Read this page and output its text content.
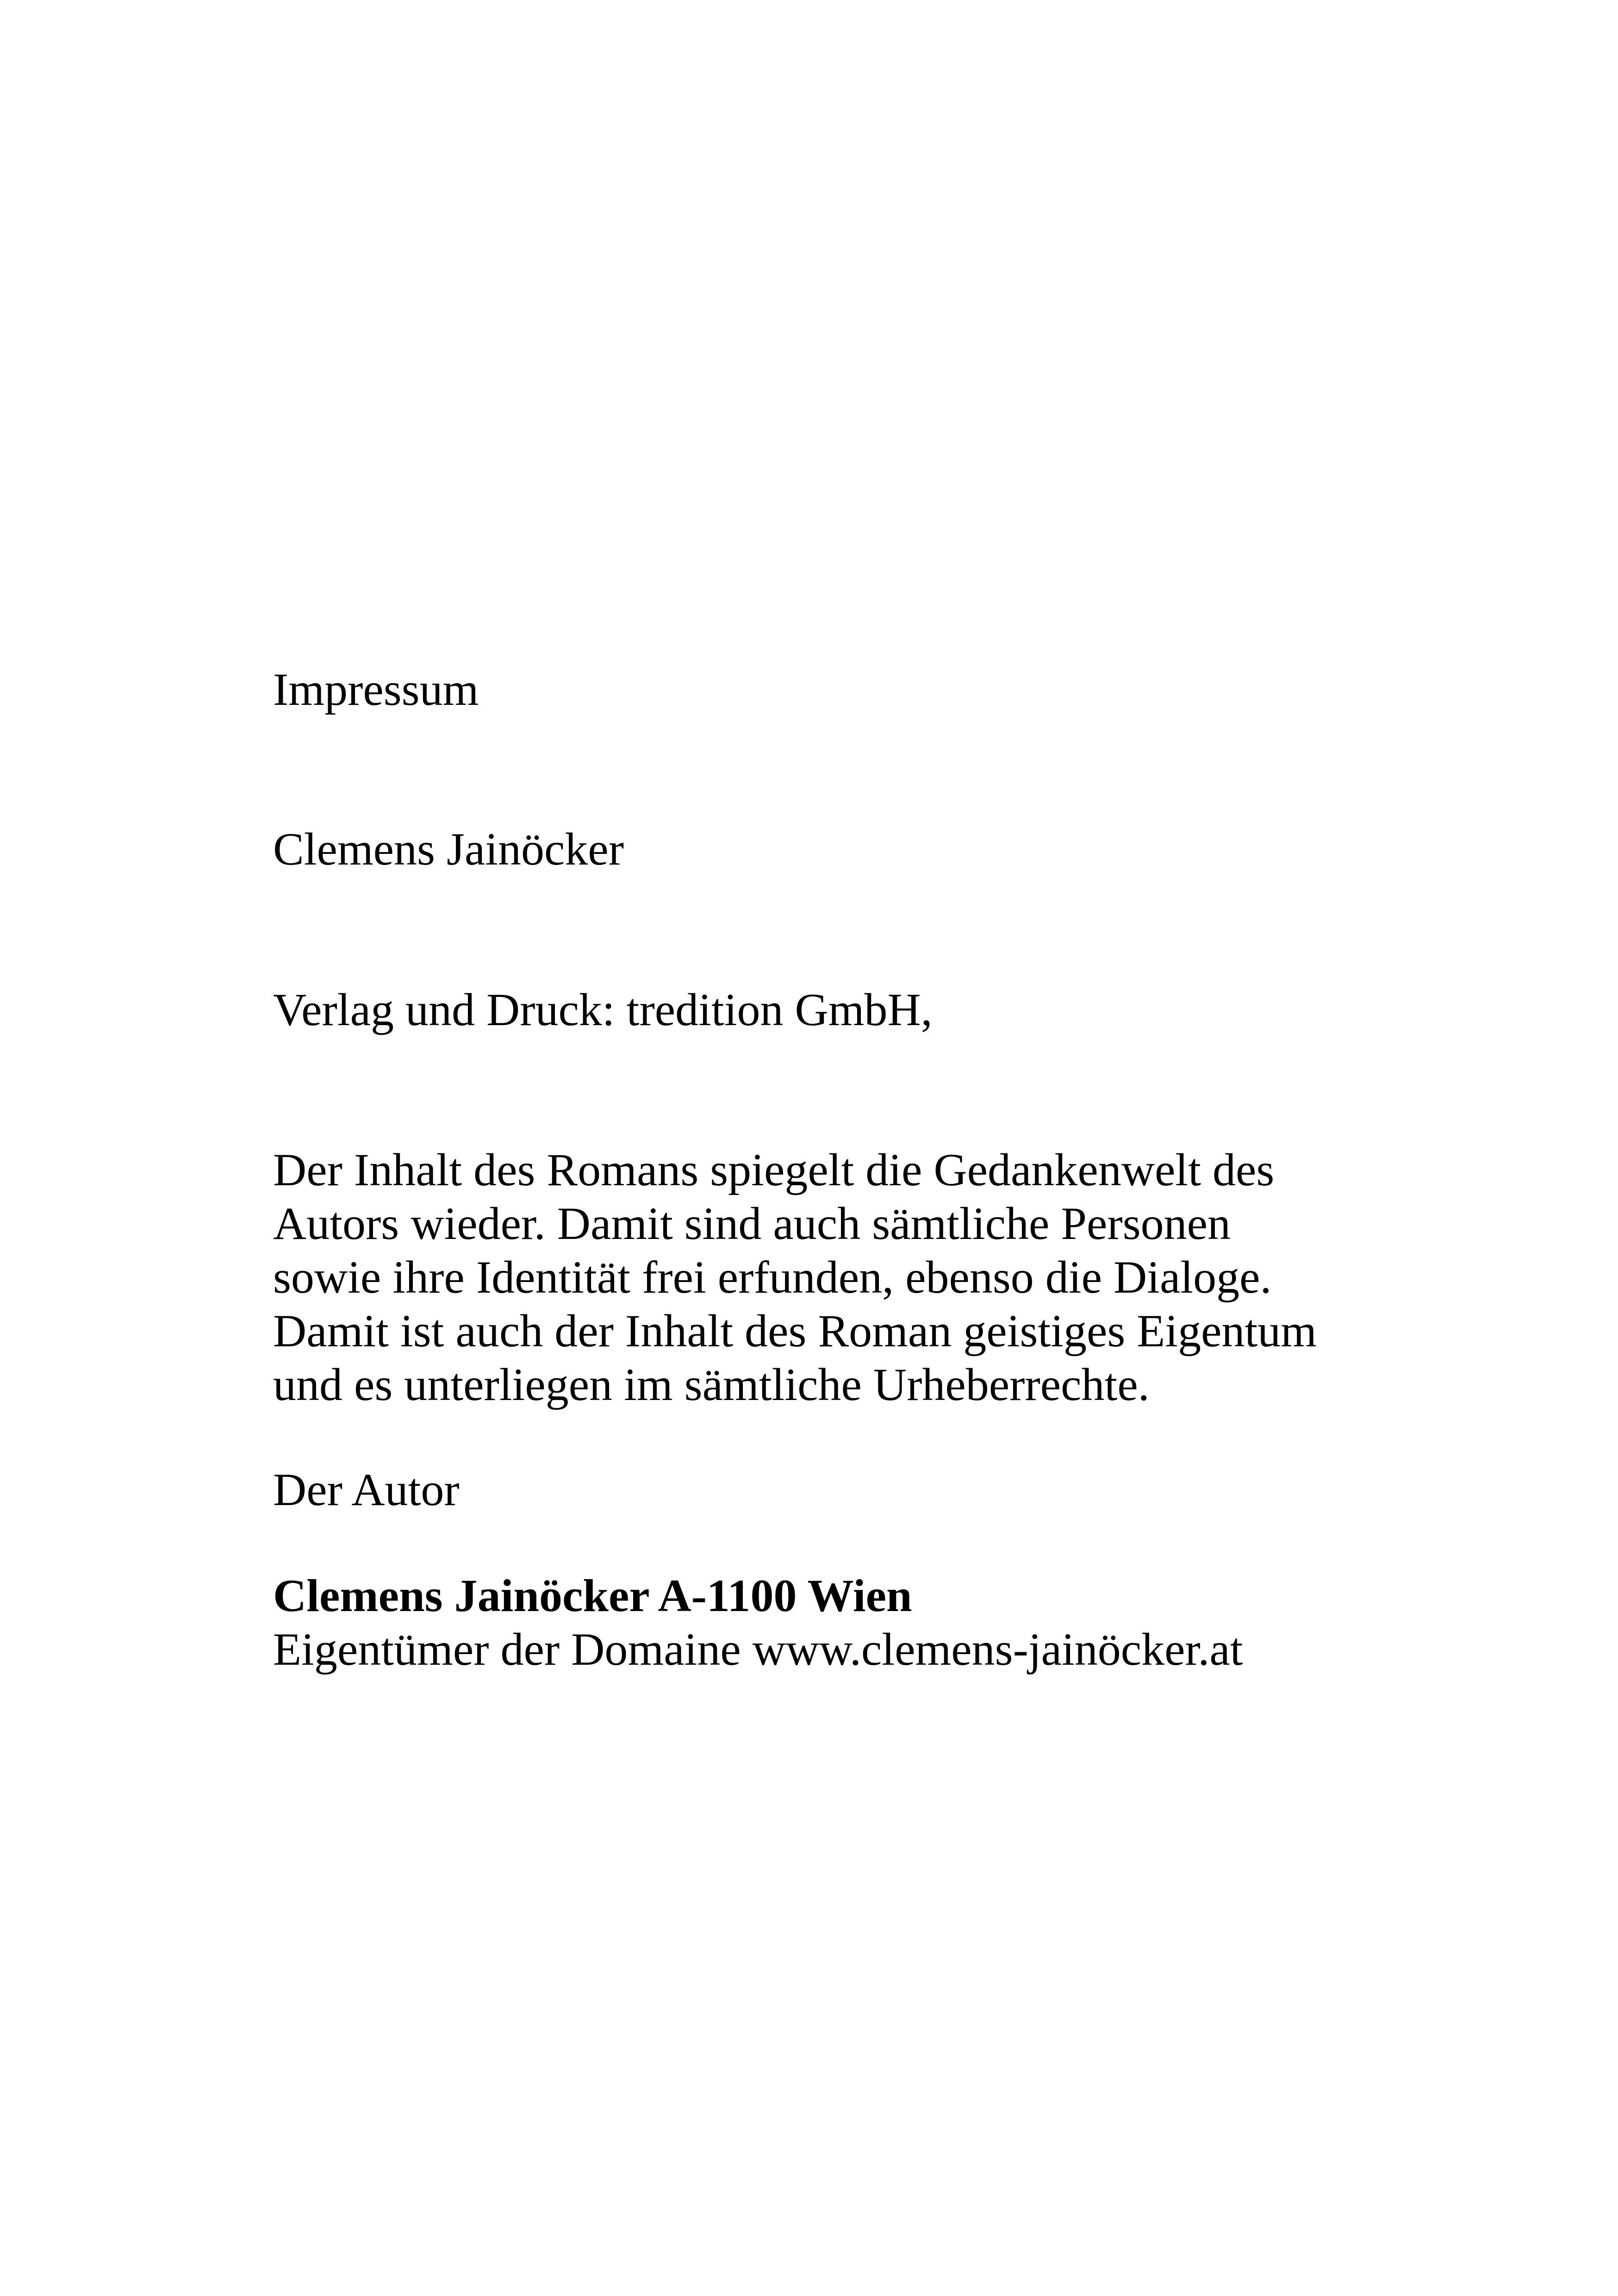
Impressum

Clemens Jainöcker

Verlag und Druck: tredition GmbH,

Der Inhalt des Romans spiegelt die Gedankenwelt des
Autors wieder. Damit sind auch sämtliche Personen
sowie ihre Identität frei erfunden, ebenso die Dialoge.
Damit ist auch der Inhalt des Roman geistiges Eigentum
und es unterliegen im sämtliche Urheberrechte.

Der Autor

Clemens Jainöcker A-1100 Wien
Eigentümer der Domaine www.clemens-jainöcker.at
